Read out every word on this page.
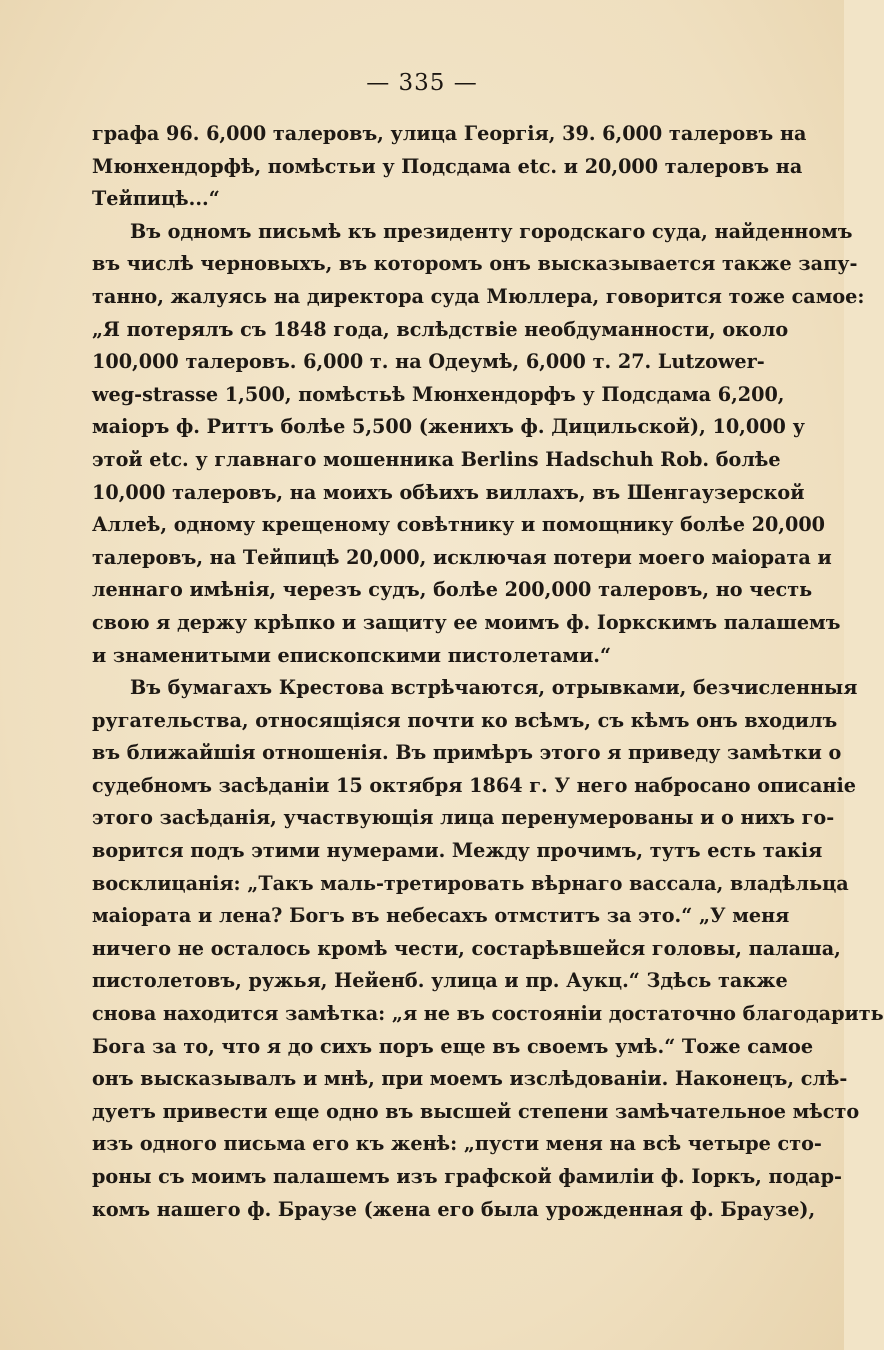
— 335 —
графа 96. 6,000 талеровъ, улица Георгія, 39. 6,000 талеровъ на
Мюнхендорфѣ, помѣстьи у Подсдама etc. и 20,000 талеровъ на
Тейпицѣ...“
Въ одномъ письмѣ къ президенту городскаго суда, найденномъ
въ числѣ черновыхъ, въ которомъ онъ высказывается также запу-
танно, жалуясь на директора суда Мюллера, говорится тоже самое:
„Я потерялъ съ 1848 года, вслѣдствіе необдуманности, около
100,000 талеровъ. 6,000 т. на Одеумѣ, 6,000 т. 27. Lutzower-
weg-strasse 1,500, помѣстьѣ Мюнхендорфъ у Подсдама 6,200,
маіоръ ф. Риттъ болѣе 5,500 (женихъ ф. Дицильской), 10,000 у
этой etc. у главнаго мошенника Berlins Hadschuh Rob. болѣе
10,000 талеровъ, на моихъ обѣихъ виллахъ, въ Шенгаузерской
Аллеѣ, одному крещеному совѣтнику и помощнику болѣе 20,000
талеровъ, на Тейпицѣ 20,000, исключая потери моего маіората и
леннаго имѣнія, черезъ судъ, болѣе 200,000 талеровъ, но честь
свою я держу крѣпко и защиту ее моимъ ф. Іоркскимъ палашемъ
и знаменитыми епископскими пистолетами.“
Въ бумагахъ Крестова встрѣчаются, отрывками, безчисленныя
ругательства, относящіяся почти ко всѣмъ, съ кѣмъ онъ входилъ
въ ближайшія отношенія. Въ примѣръ этого я приведу замѣтки о
судебномъ засѣданіи 15 октября 1864 г. У него набросано описаніе
этого засѣданія, участвующія лица перенумерованы и о нихъ го-
ворится подъ этими нумерами. Между прочимъ, тутъ есть такія
восклицанія: „Такъ маль-третировать вѣрнаго вассала, владѣльца
маіората и лена? Богъ въ небесахъ отмститъ за это.“ „У меня
ничего не осталось кромѣ чести, состарѣвшейся головы, палаша,
пистолетовъ, ружья, Нейенб. улица и пр. Аукц.“ Здѣсь также
снова находится замѣтка: „я не въ состояніи достаточно благодарить
Бога за то, что я до сихъ поръ еще въ своемъ умѣ.“ Тоже самое
онъ высказывалъ и мнѣ, при моемъ изслѣдованіи. Наконецъ, слѣ-
дуетъ привести еще одно въ высшей степени замѣчательное мѣсто
изъ одного письма его къ женѣ: „пусти меня на всѣ четыре сто-
роны съ моимъ палашемъ изъ графской фамиліи ф. Іоркъ, подар-
комъ нашего ф. Браузе (жена его была урожденная ф. Браузе),
